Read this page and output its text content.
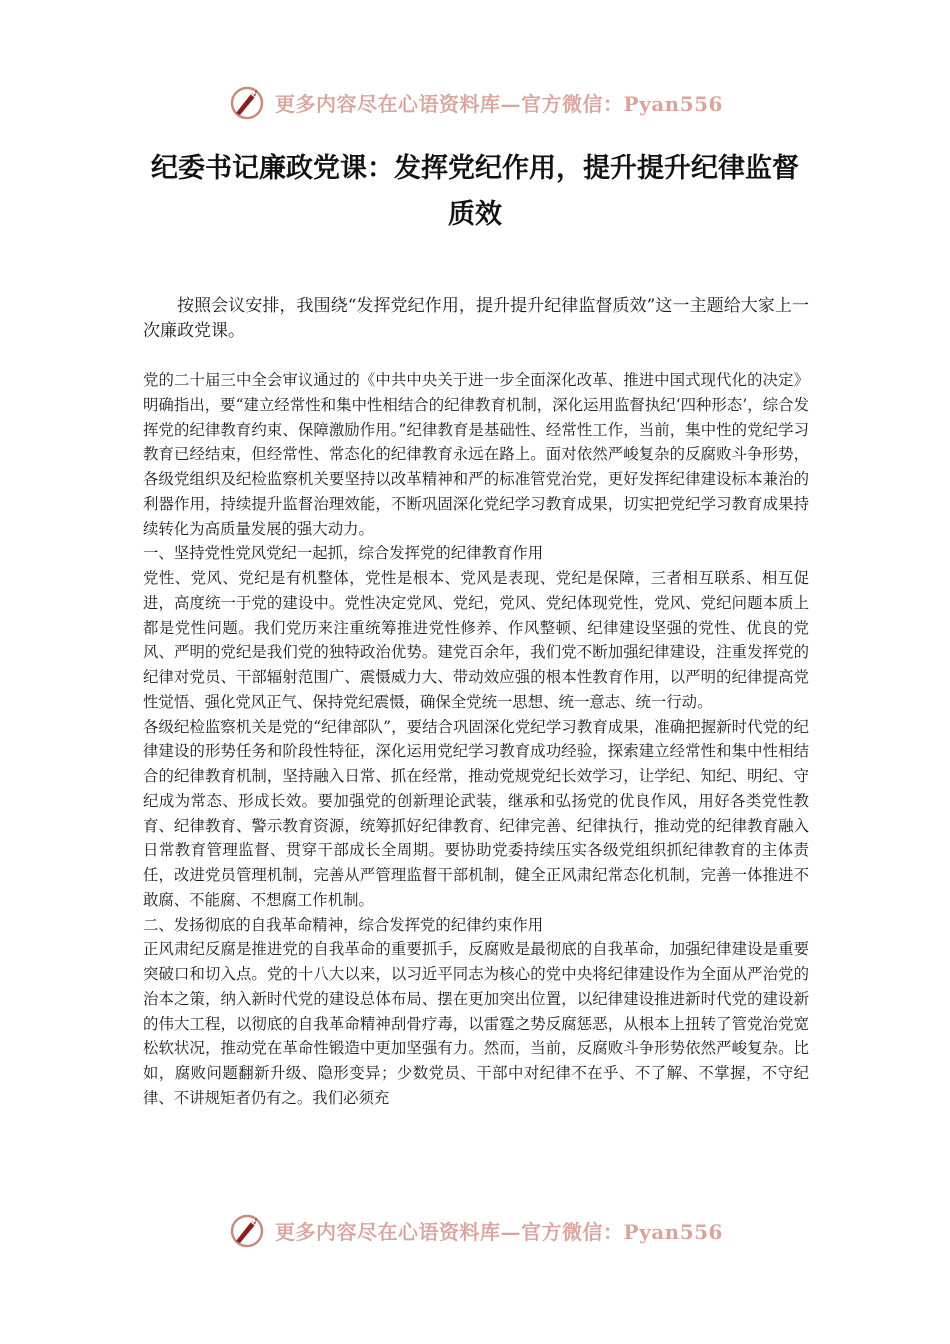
更多内容尽在心语资料库—官方微信：Pyan556
纪委书记廉政党课：发挥党纪作用，提升提升纪律监督质效

按照会议安排，我围绕“发挥党纪作用，提升提升纪律监督质效”这一主题给大家上一次廉政党课。

党的二十届三中全会审议通过的《中共中央关于进一步全面深化改革、推进中国式现代化的决定》明确指出，要“建立经常性和集中性相结合的纪律教育机制，深化运用监督执纪‘四种形态’，综合发挥党的纪律教育约束、保障激励作用。”纪律教育是基础性、经常性工作，当前，集中性的党纪学习教育已经结束，但经常性、常态化的纪律教育永远在路上。面对依然严峻复杂的反腐败斗争形势，各级党组织及纪检监察机关要坚持以改革精神和严的标准管党治党，更好发挥纪律建设标本兼治的利器作用，持续提升监督治理效能，不断巩固深化党纪学习教育成果，切实把党纪学习教育成果持续转化为高质量发展的强大动力。

一、坚持党性党风党纪一起抓，综合发挥党的纪律教育作用

党性、党风、党纪是有机整体，党性是根本、党风是表现、党纪是保障，三者相互联系、相互促进，高度统一于党的建设中。党性决定党风、党纪，党风、党纪体现党性，党风、党纪问题本质上都是党性问题。我们党历来注重统筹推进党性修养、作风整顿、纪律建设坚强的党性、优良的党风、严明的党纪是我们党的独特政治优势。建党百余年，我们党不断加强纪律建设，注重发挥党的纪律对党员、干部辐射范围广、震慑威力大、带动效应强的根本性教育作用，以严明的纪律提高党性觉悟、强化党风正气、保持党纪震慑，确保全党统一思想、统一意志、统一行动。

各级纪检监察机关是党的“纪律部队”，要结合巩固深化党纪学习教育成果，准确把握新时代党的纪律建设的形势任务和阶段性特征，深化运用党纪学习教育成功经验，探索建立经常性和集中性相结合的纪律教育机制，坚持融入日常、抓在经常，推动党规党纪长效学习，让学纪、知纪、明纪、守纪成为常态、形成长效。要加强党的创新理论武装，继承和弘扬党的优良作风，用好各类党性教育、纪律教育、警示教育资源，统筹抓好纪律教育、纪律完善、纪律执行，推动党的纪律教育融入日常教育管理监督、贯穿干部成长全周期。要协助党委持续压实各级党组织抓纪律教育的主体责任，改进党员管理机制，完善从严管理监督干部机制，健全正风肃纪常态化机制，完善一体推进不敢腐、不能腐、不想腐工作机制。

二、发扬彻底的自我革命精神，综合发挥党的纪律约束作用

正风肃纪反腐是推进党的自我革命的重要抓手，反腐败是最彻底的自我革命，加强纪律建设是重要突破口和切入点。党的十八大以来，以习近平同志为核心的党中央将纪律建设作为全面从严治党的治本之策，纳入新时代党的建设总体布局、摆在更加突出位置，以纪律建设推进新时代党的建设新的伟大工程，以彻底的自我革命精神刮骨疗毒，以雷霆之势反腐惩恶，从根本上扭转了管党治党宽松软状况，推动党在革命性锻造中更加坚强有力。然而，当前，反腐败斗争形势依然严峻复杂。比如，腐败问题翻新升级、隐形变异；少数党员、干部中对纪律不在乎、不了解、不掌握，不守纪律、不讲规矩者仍有之。我们必须充

更多内容尽在心语资料库—官方微信：Pyan556
